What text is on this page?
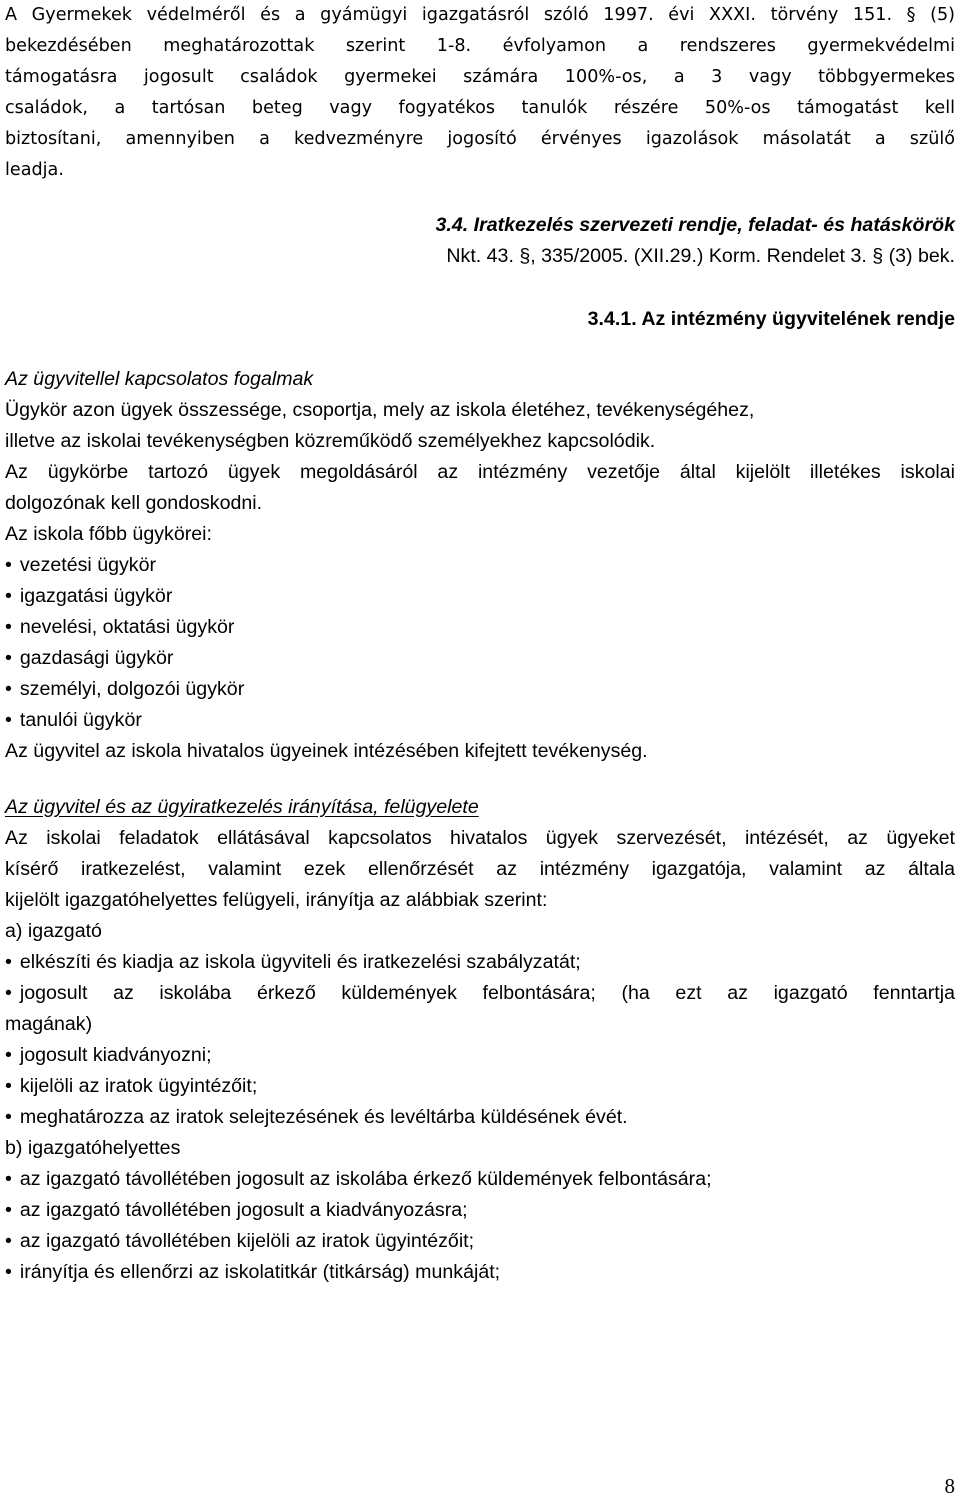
A Gyermekek védelméről és a gyámügyi igazgatásról szóló 1997. évi XXXI. törvény 151. § (5)
bekezdésében meghatározottak szerint 1-8. évfolyamon a rendszeres gyermekvédelmi
támogatásra jogosult családok gyermekei számára 100%-os, a 3 vagy többgyermekes
családok, a tartósan beteg vagy fogyatékos tanulók részére 50%-os támogatást kell
biztosítani, amennyiben a kedvezményre jogosító érvényes igazolások másolatát a szülő
leadja.
3.4. Iratkezelés szervezeti rendje, feladat- és hatáskörök
Nkt. 43. §, 335/2005. (XII.29.) Korm. Rendelet 3. § (3) bek.
3.4.1. Az intézmény ügyvitelének rendje
Az ügyvitellel kapcsolatos fogalmak
Ügykör azon ügyek összessége, csoportja, mely az iskola életéhez, tevékenységéhez,
illetve az iskolai tevékenységben közreműködő személyekhez kapcsolódik.
Az ügykörbe tartozó ügyek megoldásáról az intézmény vezetője által kijelölt illetékes iskolai
dolgozónak kell gondoskodni.
Az iskola főbb ügykörei:
• vezetési ügykör
• igazgatási ügykör
• nevelési, oktatási ügykör
• gazdasági ügykör
• személyi, dolgozói ügykör
• tanulói ügykör
Az ügyvitel az iskola hivatalos ügyeinek intézésében kifejtett tevékenység.
Az ügyvitel és az ügyiratkezelés irányítása, felügyelete
Az iskolai feladatok ellátásával kapcsolatos hivatalos ügyek szervezését, intézését, az ügyeket
kísérő iratkezelést, valamint ezek ellenőrzését az intézmény igazgatója, valamint az általa
kijelölt igazgatóhelyettes felügyeli, irányítja az alábbiak szerint:
a) igazgató
• elkészíti és kiadja az iskola ügyviteli és iratkezelési szabályzatát;
• jogosult az iskolába érkező küldemények felbontására; (ha ezt az igazgató fenntartja
magának)
• jogosult kiadványozni;
• kijelöli az iratok ügyintézőit;
• meghatározza az iratok selejtezésének és levéltárba küldésének évét.
b) igazgatóhelyettes
• az igazgató távollétében jogosult az iskolába érkező küldemények felbontására;
• az igazgató távollétében jogosult a kiadványozásra;
• az igazgató távollétében kijelöli az iratok ügyintézőit;
• irányítja és ellenőrzi az iskolatitkár (titkárság) munkáját;
8
